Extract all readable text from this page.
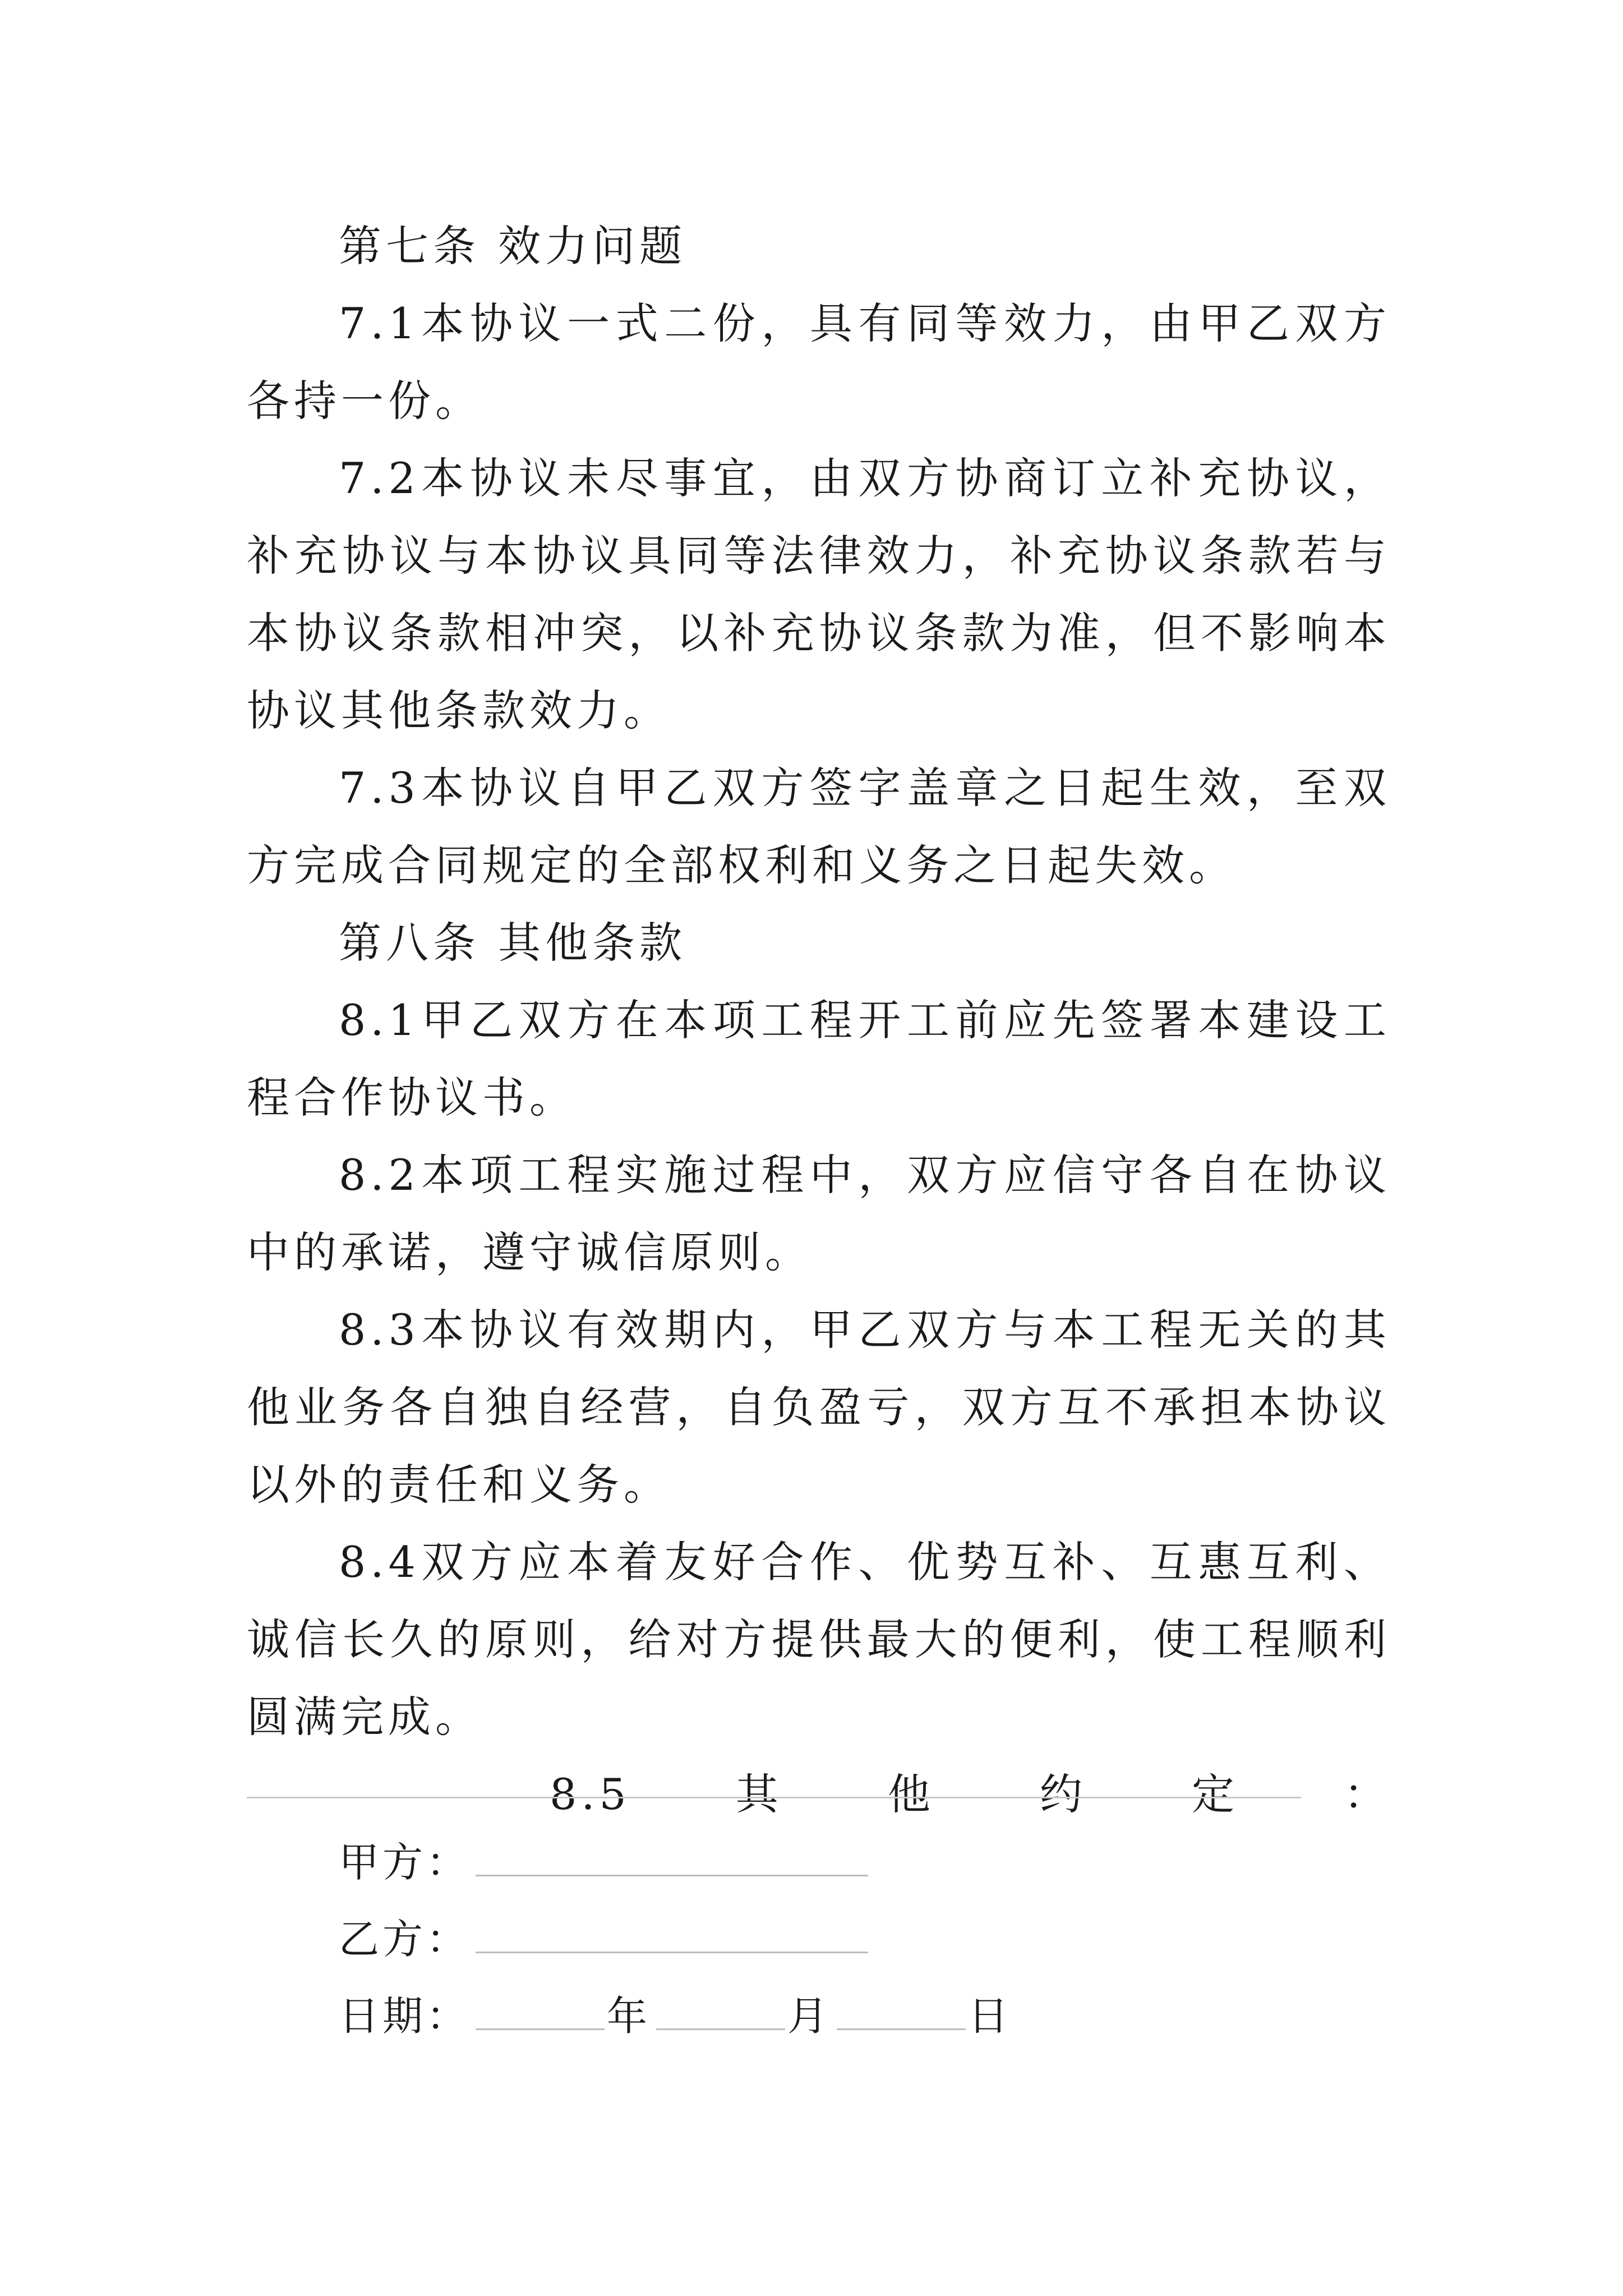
第七条 效力问题

7.1本协议一式二份，具有同等效力，由甲乙双方各持一份。

7.2本协议未尽事宜，由双方协商订立补充协议，补充协议与本协议具同等法律效力，补充协议条款若与本协议条款相冲突，以补充协议条款为准，但不影响本协议其他条款效力。

7.3本协议自甲乙双方签字盖章之日起生效，至双方完成合同规定的全部权利和义务之日起失效。

第八条 其他条款

8.1甲乙双方在本项工程开工前应先签署本建设工程合作协议书。

8.2本项工程实施过程中，双方应信守各自在协议中的承诺，遵守诚信原则。

8.3本协议有效期内，甲乙双方与本工程无关的其他业务各自独自经营，自负盈亏，双方互不承担本协议以外的责任和义务。

8.4双方应本着友好合作、优势互补、互惠互利、诚信长久的原则，给对方提供最大的便利，使工程顺利圆满完成。

8.5 其 他 约 定 ：

甲方：
乙方：
日期：	年	月	日
